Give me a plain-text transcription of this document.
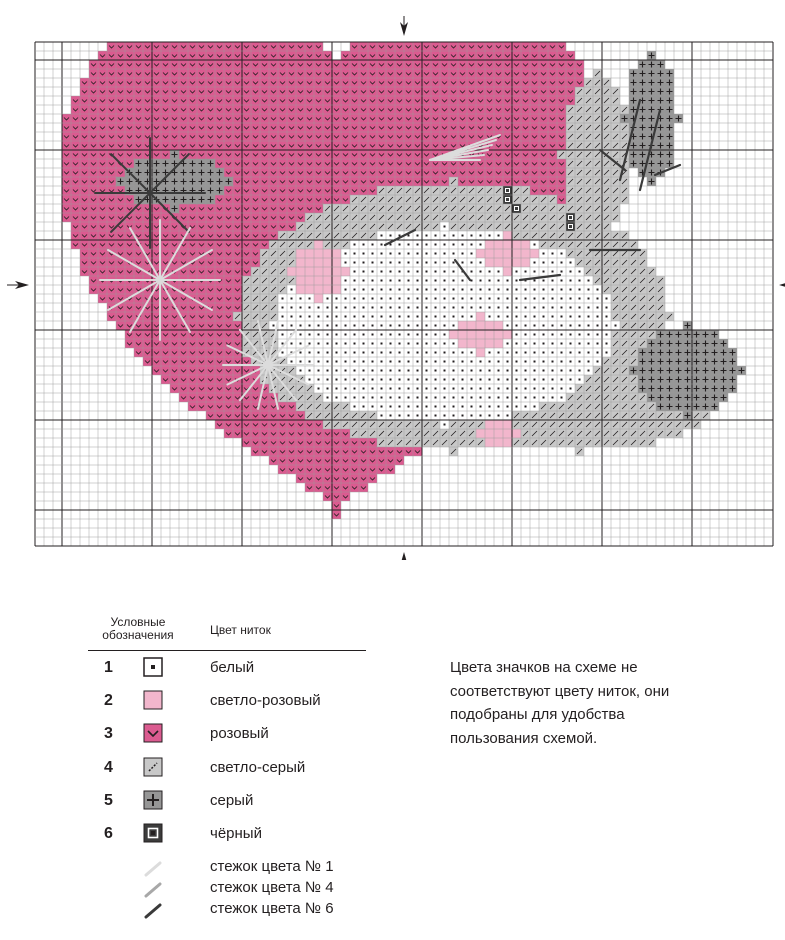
Условные обозначения	Цвет ниток
1	белый
2	светло-розовый
3	розовый
4	светло-серый
5	серый
6	чёрный
стежок цвета № 1
стежок цвета № 4
стежок цвета № 6
Цвета значков на схеме не соответствуют цвету ниток, они подобраны для удобства пользования схемой.
